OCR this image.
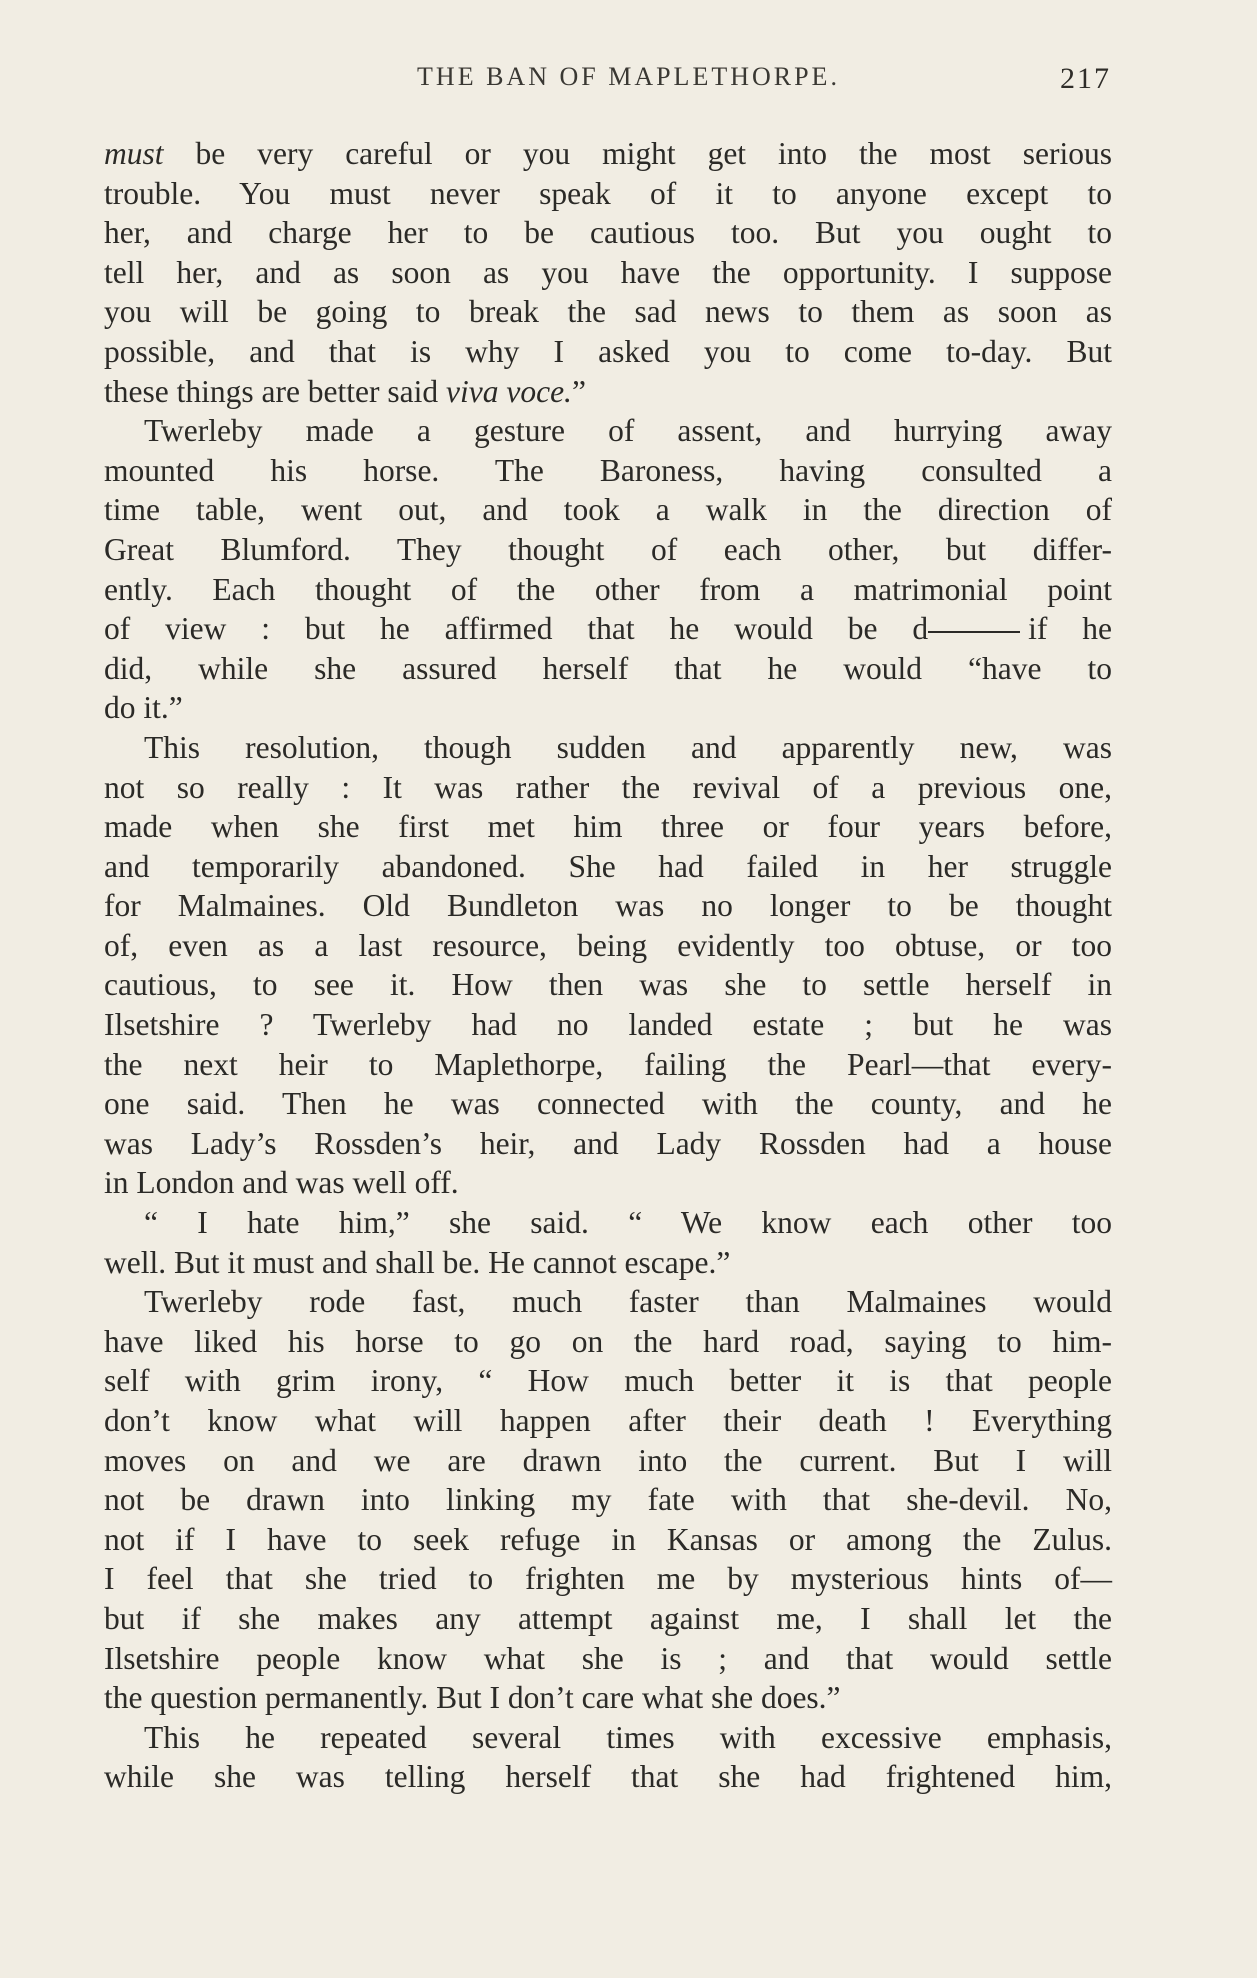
THE BAN OF MAPLETHORPE.	217
must be very careful or you might get into the most serious
trouble. You must never speak of it to anyone except to
her, and charge her to be cautious too. But you ought to
tell her, and as soon as you have the opportunity. I suppose
you will be going to break the sad news to them as soon as
possible, and that is why I asked you to come to-day. But
these things are better said viva voce.”
Twerleby made a gesture of assent, and hurrying away
mounted his horse. The Baroness, having consulted a
time table, went out, and took a walk in the direction of
Great Blumford. They thought of each other, but differ-
ently. Each thought of the other from a matrimonial point
of view : but he affirmed that he would be d	if he
did, while she assured herself that he would “have to
do it.”
This resolution, though sudden and apparently new, was
not so really : It was rather the revival of a previous one,
made when she first met him three or four years before,
and temporarily abandoned. She had failed in her struggle
for Malmaines. Old Bundleton was no longer to be thought
of, even as a last resource, being evidently too obtuse, or too
cautious, to see it. How then was she to settle herself in
Ilsetshire ? Twerleby had no landed estate ; but he was
the next heir to Maplethorpe, failing the Pearl—that every-
one said. Then he was connected with the county, and he
was Lady’s Rossden’s heir, and Lady Rossden had a house
in London and was well off.
“ I hate him,” she said. “ We know each other too
well. But it must and shall be. He cannot escape.”
Twerleby rode fast, much faster than Malmaines would
have liked his horse to go on the hard road, saying to him-
self with grim irony, “ How much better it is that people
don’t know what will happen after their death ! Everything
moves on and we are drawn into the current. But I will
not be drawn into linking my fate with that she-devil. No,
not if I have to seek refuge in Kansas or among the Zulus.
I feel that she tried to frighten me by mysterious hints of—
but if she makes any attempt against me, I shall let the
Ilsetshire people know what she is ; and that would settle
the question permanently. But I don’t care what she does.”
This he repeated several times with excessive emphasis,
while she was telling herself that she had frightened him,
